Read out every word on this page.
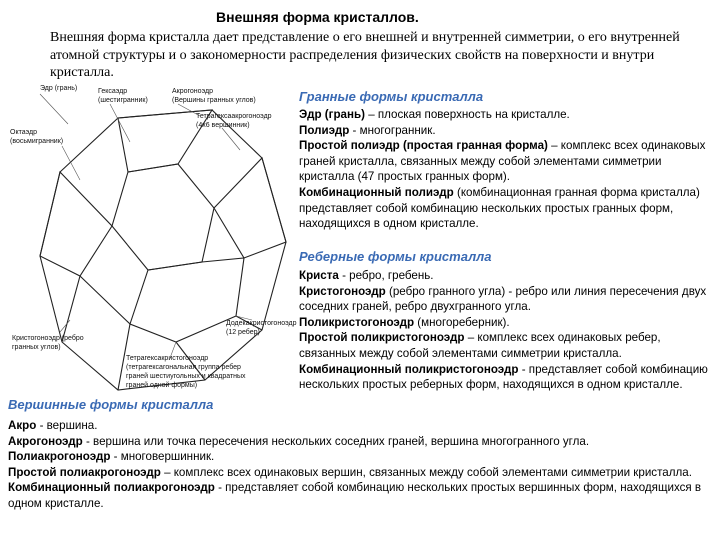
Внешняя форма кристаллов.
Внешняя форма кристалла дает представление о его внешней и внутренней симметрии, о его внутренней атомной структуры и о закономерности распределения физических свойств на поверхности и внутри кристалла.
Эдр (грань)	Гексаэдр
(шестигранник)
Акрогоноэдр
(Вершины гранных углов)
Тетрагексаакрогоноэдр
(4х6 вершинник)
Октаэдр
(восьмигранник)
Додекакристогоноэдр
(12 ребер)
Кристогоноэдр (ребро
гранных углов)
Тетрагексакристогоноэдр
(тетрагексагональная группа ребер
граней шестиугольных и квадратных
граней одной формы)
Гранные формы кристалла
Эдр (грань) – плоская поверхность на кристалле.
Полиэдр - многогранник.
Простой полиэдр (простая гранная форма) – комплекс всех одинаковых граней кристалла, связанных между собой элементами симметрии кристалла (47 простых гранных форм).
Комбинационный полиэдр (комбинационная гранная форма кристалла) представляет собой комбинацию нескольких простых гранных форм, находящихся в одном кристалле.
Реберные формы кристалла
Криста - ребро, гребень.
Кристогоноэдр (ребро гранного угла) - ребро или линия пересечения двух соседних граней, ребро двухгранного угла.
Поликристогоноэдр (многореберник).
Простой поликристогоноэдр – комплекс всех одинаковых ребер, связанных между собой элементами симметрии кристалла.
Комбинационный поликристогоноэдр - представляет собой комбинацию нескольких простых реберных форм, находящихся в одном кристалле.
Вершинные формы кристалла
Акро - вершина.
Акрогоноэдр - вершина или точка пересечения нескольких соседних граней, вершина многогранного угла.
Полиакрогоноэдр - многовершинник.
Простой полиакрогоноэдр – комплекс всех одинаковых вершин, связанных между собой элементами симметрии кристалла.
Комбинационный полиакрогоноэдр - представляет собой комбинацию нескольких простых вершинных форм, находящихся в одном кристалле.
